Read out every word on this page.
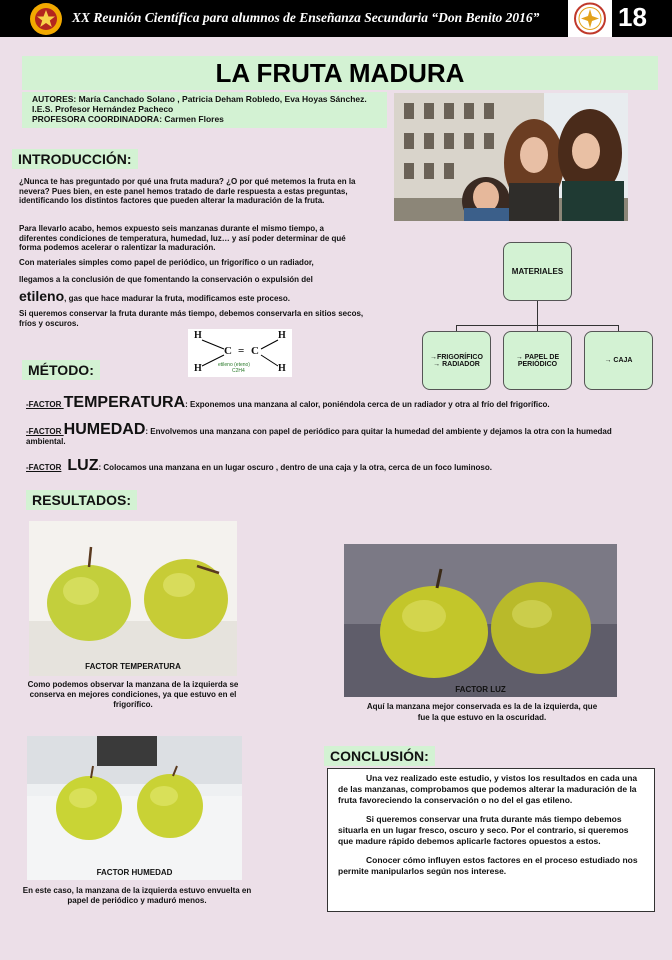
XX Reunión Científica para alumnos de Enseñanza Secundaria “Don Benito 2016”	18
LA FRUTA MADURA
AUTORES: María Canchado Solano , Patricia Deham Robledo, Eva Hoyas Sánchez.
I.E.S. Profesor Hernández Pacheco
PROFESORA COORDINADORA: Carmen Flores
INTRODUCCIÓN:
¿Nunca te has preguntado por qué una fruta madura? ¿O por qué metemos la fruta en la nevera? Pues bien, en este panel hemos tratado de darle respuesta a estas preguntas, identificando los distintos factores que pueden alterar la maduración de la fruta.
Para llevarlo acabo, hemos expuesto seis manzanas durante el mismo tiempo, a diferentes condiciones de temperatura, humedad, luz… y así poder determinar de qué forma podemos acelerar o ralentizar la maduración.
Con materiales simples como papel de periódico, un frigorífico o un radiador,
llegamos a la conclusión de que fomentando la conservación o expulsión del
etileno, gas que hace madurar la fruta, modificamos este proceso.
Si queremos conservar la fruta durante más tiempo, debemos conservarla en sitios secos, fríos y oscuros.
H
H
H
H
C = C
etileno (eteno)
C2H4
MATERIALES
→FRIGORÍFICO
→ RADIADOR
→ PAPEL DE
PERIÓDICO	→ CAJA
MÉTODO:
-FACTOR TEMPERATURA: Exponemos una manzana al calor, poniéndola cerca de un radiador y otra al frío del frigorífico.
-FACTOR HUMEDAD: Envolvemos una manzana con papel de periódico para quitar la humedad del ambiente y dejamos la otra con la humedad ambiental.
-FACTOR LUZ: Colocamos una manzana en un lugar oscuro , dentro de una caja y la otra, cerca de un foco luminoso.
RESULTADOS:
FACTOR TEMPERATURA
Como podemos observar la manzana de la izquierda se conserva en mejores condiciones, ya que estuvo en el frigorífico.
FACTOR LUZ
Aquí la manzana mejor conservada es la de la izquierda, que fue la que estuvo en la oscuridad.
FACTOR HUMEDAD
En este caso, la manzana de la izquierda estuvo envuelta en papel de periódico y maduró menos.
CONCLUSIÓN:

Una vez realizado este estudio, y vistos los resultados en cada una de las manzanas, comprobamos que podemos alterar la maduración de la fruta favoreciendo la conservación o no del el gas etileno.

Si queremos conservar una fruta durante más tiempo debemos situarla en un lugar fresco, oscuro y seco. Por el contrario, si queremos que madure rápido debemos aplicarle factores opuestos a estos.

Conocer cómo influyen estos factores en el proceso estudiado nos permite manipularlos según nos interese.
